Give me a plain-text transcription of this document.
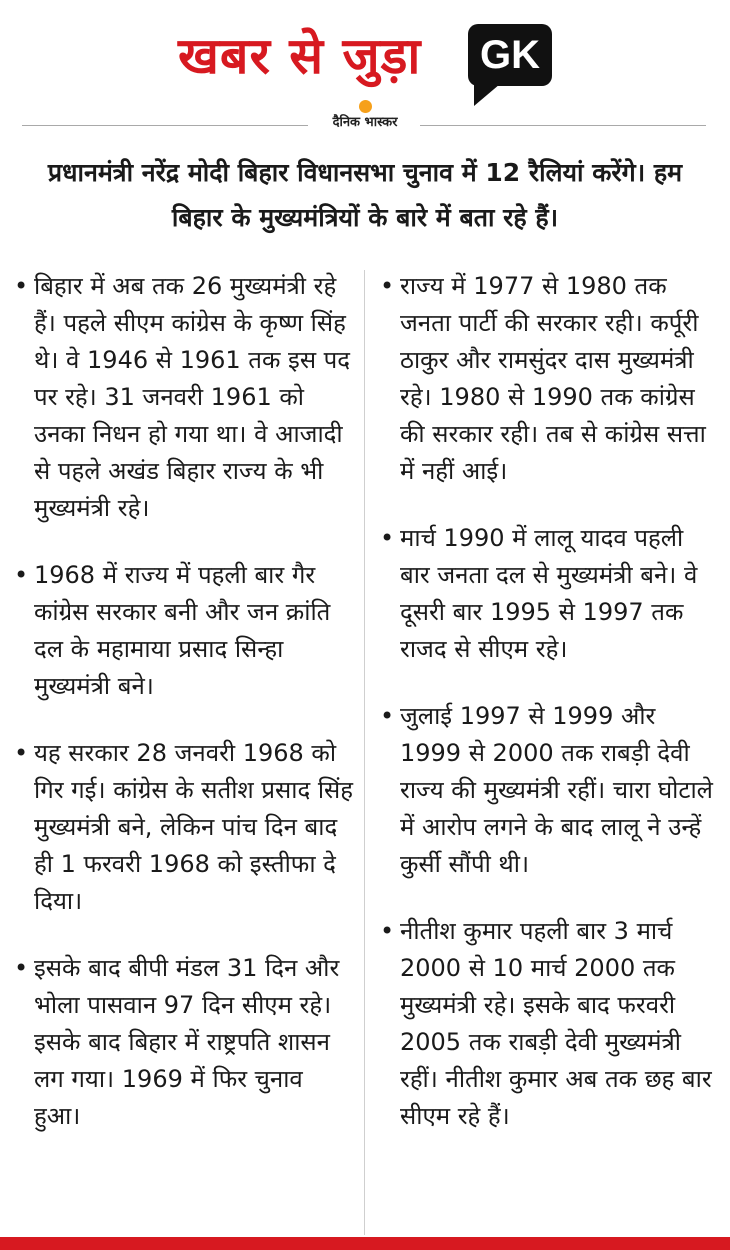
खबर से जुड़ा	GK
दैनिक भास्कर
प्रधानमंत्री नरेंद्र मोदी बिहार विधानसभा चुनाव में 12 रैलियां करेंगे। हम बिहार के मुख्यमंत्रियों के बारे में बता रहे हैं।
• बिहार में अब तक 26 मुख्यमंत्री रहे हैं। पहले सीएम कांग्रेस के कृष्ण सिंह थे। वे 1946 से 1961 तक इस पद पर रहे। 31 जनवरी 1961 को उनका निधन हो गया था। वे आजादी से पहले अखंड बिहार राज्य के भी मुख्यमंत्री रहे।
• 1968 में राज्य में पहली बार गैर कांग्रेस सरकार बनी और जन क्रांति दल के महामाया प्रसाद सिन्हा मुख्यमंत्री बने।
• यह सरकार 28 जनवरी 1968 को गिर गई। कांग्रेस के सतीश प्रसाद सिंह मुख्यमंत्री बने, लेकिन पांच दिन बाद ही 1 फरवरी 1968 को इस्तीफा दे दिया।
• इसके बाद बीपी मंडल 31 दिन और भोला पासवान 97 दिन सीएम रहे। इसके बाद बिहार में राष्ट्रपति शासन लग गया। 1969 में फिर चुनाव हुआ।
• राज्य में 1977 से 1980 तक जनता पार्टी की सरकार रही। कर्पूरी ठाकुर और रामसुंदर दास मुख्यमंत्री रहे। 1980 से 1990 तक कांग्रेस की सरकार रही। तब से कांग्रेस सत्ता में नहीं आई।
• मार्च 1990 में लालू यादव पहली बार जनता दल से मुख्यमंत्री बने। वे दूसरी बार 1995 से 1997 तक राजद से सीएम रहे।
• जुलाई 1997 से 1999 और 1999 से 2000 तक राबड़ी देवी राज्य की मुख्यमंत्री रहीं। चारा घोटाले में आरोप लगने के बाद लालू ने उन्हें कुर्सी सौंपी थी।
• नीतीश कुमार पहली बार 3 मार्च 2000 से 10 मार्च 2000 तक मुख्यमंत्री रहे। इसके बाद फरवरी 2005 तक राबड़ी देवी मुख्यमंत्री रहीं। नीतीश कुमार अब तक छह बार सीएम रहे हैं।
